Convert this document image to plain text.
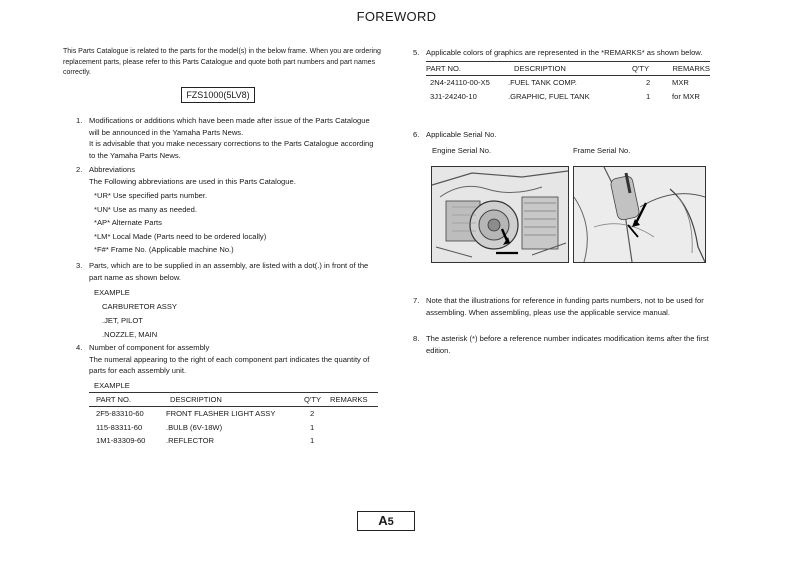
FOREWORD
This Parts Catalogue is related to the parts for the model(s) in the below frame. When you are ordering replacement parts, please refer to this Parts Catalogue and quote both part numbers and part names correctly.
FZS1000(5LV8)
1. Modifications or additions which have been made after issue of the Parts Catalogue will be announced in the Yamaha Parts News.
It is advisable that you make necessary corrections to the Parts Catalogue according to the Yamaha Parts News.
2. Abbreviations
The Following abbreviations are used in this Parts Catalogue.
*UR* Use specified parts number.
*UN* Use as many as needed.
*AP* Alternate Parts
*LM* Local Made (Parts need to be ordered locally)
*F#* Frame No. (Applicable machine No.)
3. Parts, which are to be supplied in an assembly, are listed with a dot(.) in front of the part name as shown below.
EXAMPLE
CARBURETOR ASSY
.JET, PILOT
.NOZZLE, MAIN
4. Number of component for assembly
The numeral appearing to the right of each component part indicates the quantity of parts for each assembly unit.
EXAMPLE
PART NO.	DESCRIPTION	Q'TY	REMARKS
2F5-83310-60	FRONT FLASHER LIGHT ASSY	2	
115-83311-60	.BULB (6V-18W)	1	
1M1-83309-60	.REFLECTOR	1	
5. Applicable colors of graphics are represented in the *REMARKS* as shown below.
PART NO.	DESCRIPTION	Q'TY	REMARKS
2N4-24110-00-X5	.FUEL TANK COMP.	2	MXR
3J1-24240-10	.GRAPHIC, FUEL TANK	1	for MXR
6. Applicable Serial No.
Engine Serial No.	Frame Serial No.
7. Note that the illustrations for reference in funding parts numbers, not to be used for assembling. When assembling, pleas use the applicable service manual.
8. The asterisk (*) before a reference number indicates modification items after the first edition.
A5
